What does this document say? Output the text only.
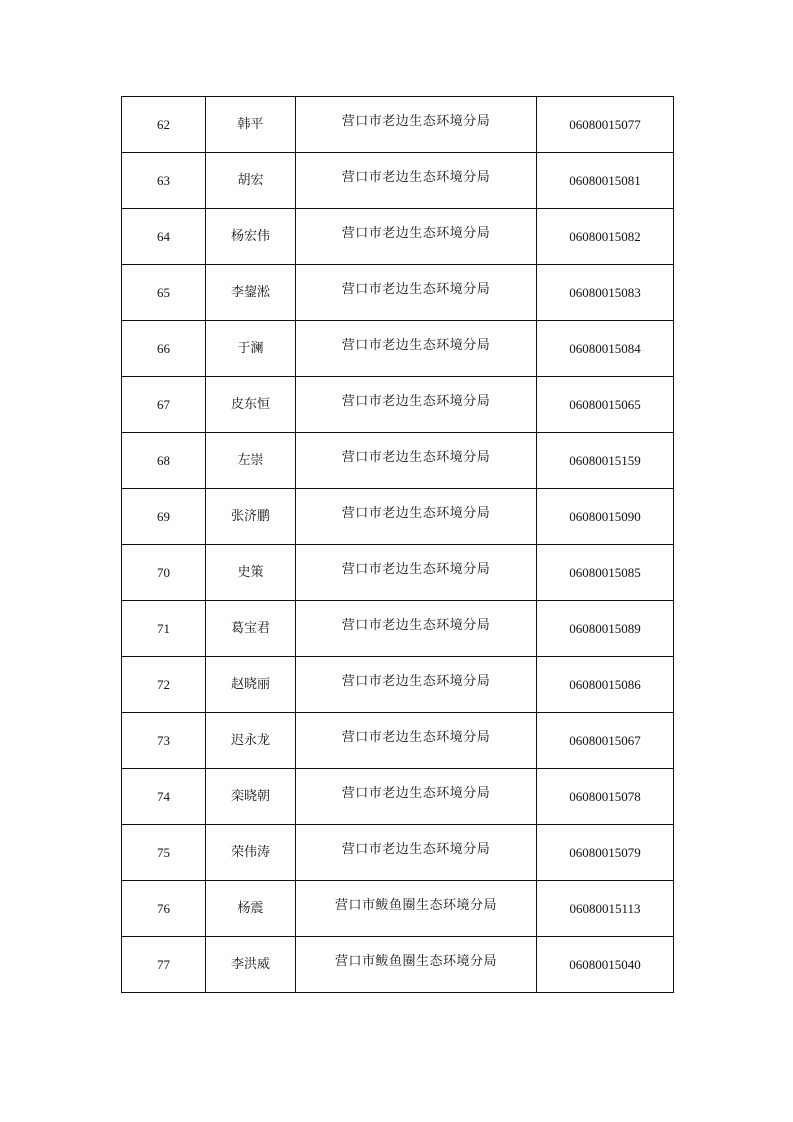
62	韩平	营口市老边生态环境分局	06080015077
63	胡宏	营口市老边生态环境分局	06080015081
64	杨宏伟	营口市老边生态环境分局	06080015082
65	李鋆淞	营口市老边生态环境分局	06080015083
66	于澜	营口市老边生态环境分局	06080015084
67	皮东恒	营口市老边生态环境分局	06080015065
68	左崇	营口市老边生态环境分局	06080015159
69	张济鹏	营口市老边生态环境分局	06080015090
70	史策	营口市老边生态环境分局	06080015085
71	葛宝君	营口市老边生态环境分局	06080015089
72	赵晓丽	营口市老边生态环境分局	06080015086
73	迟永龙	营口市老边生态环境分局	06080015067
74	栾晓朝	营口市老边生态环境分局	06080015078
75	荣伟涛	营口市老边生态环境分局	06080015079
76	杨震	营口市鲅鱼圈生态环境分局	06080015113
77	李洪威	营口市鲅鱼圈生态环境分局	06080015040
